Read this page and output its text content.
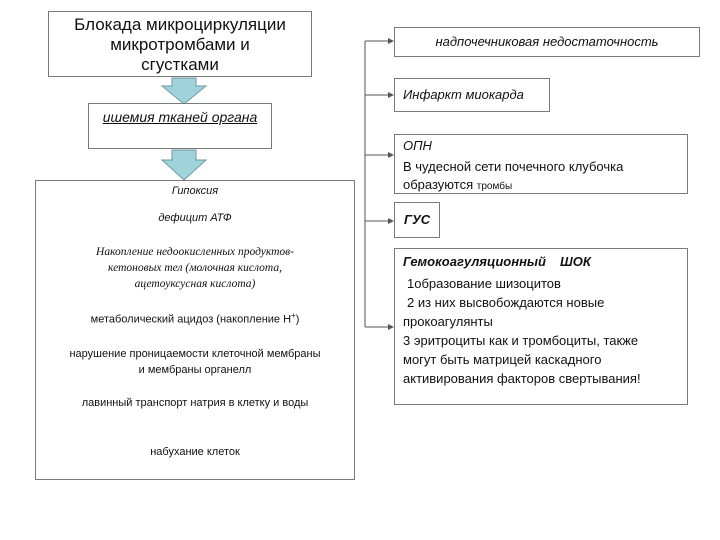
Блокада микроциркуляции
микротромбами и
сгустками
ишемия тканей органа
Гипоксия
дефицит АТФ
Накопление недоокисленных продуктов-
кетоновых тел (молочная кислота,
ацетоуксусная кислота)
метаболический ацидоз (накопление Н+)
нарушение проницаемости клеточной мембраны
и мембраны органелл
лавинный транспорт натрия в клетку и воды
набухание клеток
надпочечниковая недостаточность
Инфаркт миокарда
ОПН
В чудесной сети почечного клубочка
образуются тромбы
ГУС
Гемокоагуляционный ШОК
1образование шизоцитов
2 из них высвобождаются новые
прокоагулянты
3 эритроциты как и тромбоциты, также
могут быть матрицей каскадного
активирования факторов свертывания!
